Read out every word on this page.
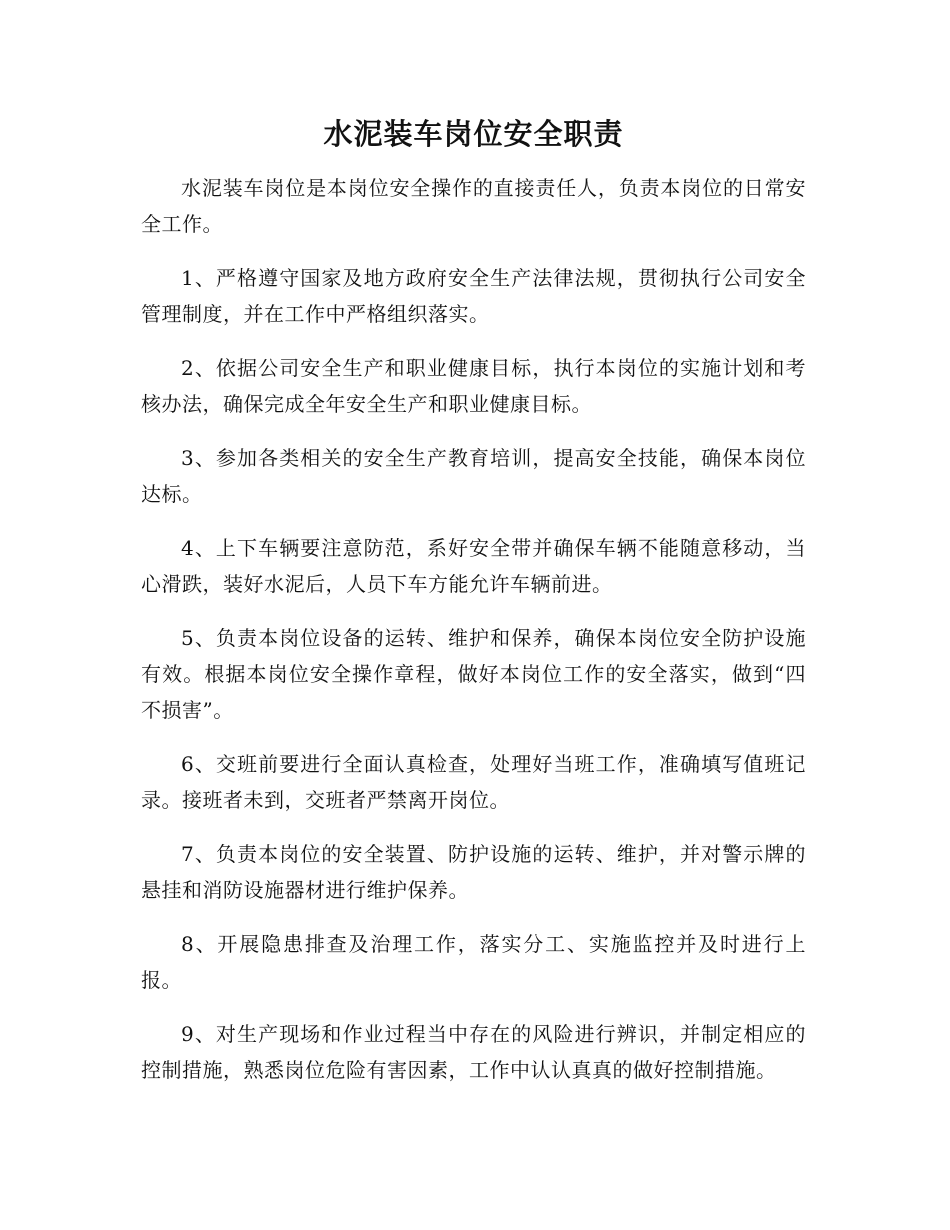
水泥装车岗位安全职责

水泥装车岗位是本岗位安全操作的直接责任人，负责本岗位的日常安全工作。

1、严格遵守国家及地方政府安全生产法律法规，贯彻执行公司安全管理制度，并在工作中严格组织落实。

2、依据公司安全生产和职业健康目标，执行本岗位的实施计划和考核办法，确保完成全年安全生产和职业健康目标。

3、参加各类相关的安全生产教育培训，提高安全技能，确保本岗位达标。

4、上下车辆要注意防范，系好安全带并确保车辆不能随意移动，当心滑跌，装好水泥后，人员下车方能允许车辆前进。

5、负责本岗位设备的运转、维护和保养，确保本岗位安全防护设施有效。根据本岗位安全操作章程，做好本岗位工作的安全落实，做到“四不损害”。

6、交班前要进行全面认真检查，处理好当班工作，准确填写值班记录。接班者未到，交班者严禁离开岗位。

7、负责本岗位的安全装置、防护设施的运转、维护，并对警示牌的悬挂和消防设施器材进行维护保养。

8、开展隐患排查及治理工作，落实分工、实施监控并及时进行上报。

9、对生产现场和作业过程当中存在的风险进行辨识，并制定相应的控制措施，熟悉岗位危险有害因素，工作中认认真真的做好控制措施。
